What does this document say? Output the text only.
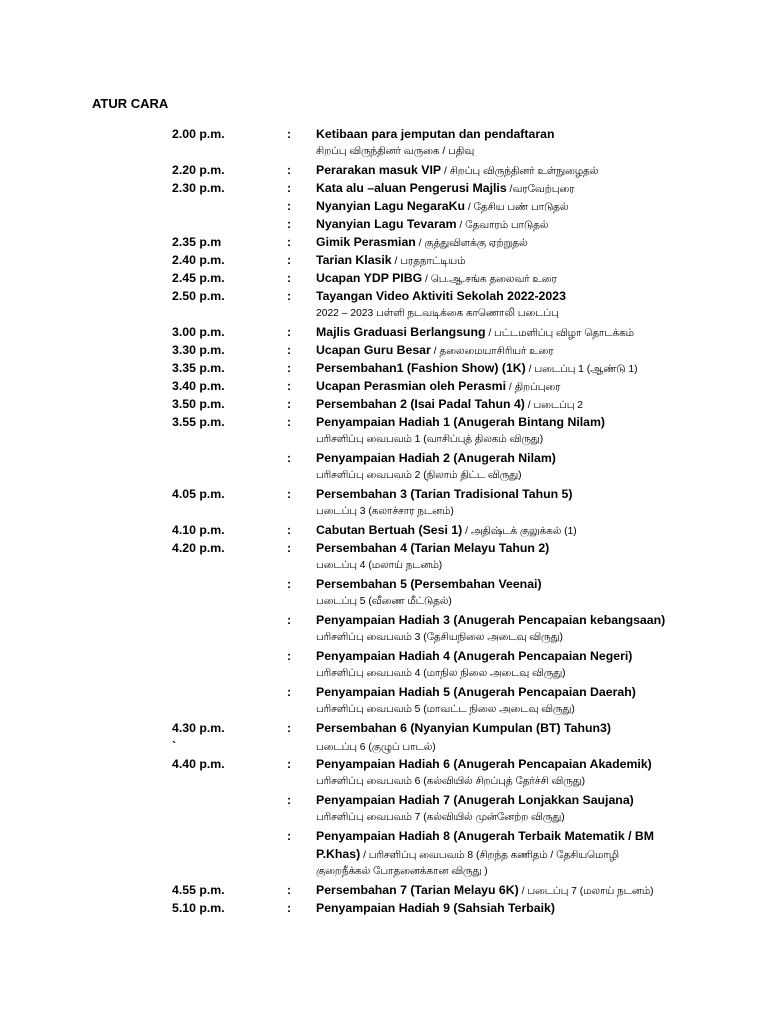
ATUR CARA
2.00 p.m.	: Ketibaan para jemputan dan pendaftaran
சிறப்பு விருந்தினர் வருகை / பதிவு
2.20 p.m.	: Perarakan masuk VIP / சிறப்பு விருந்தினர் உள்நுழைதல்
2.30 p.m.	: Kata alu –aluan Pengerusi Majlis /வரவேற்புரை
: Nyanyian Lagu NegaraKu / தேசிய பண் பாடுதல்
: Nyanyian Lagu Tevaram / தேவாரம் பாடுதல்
2.35 p.m	: Gimik Perasmian / குத்துவிளக்கு ஏற்றுதல்
2.40 p.m.	: Tarian Klasik / பரதநாட்டியம்
2.45 p.m.	: Ucapan YDP PIBG / பெ.ஆ.சங்க தலைவர் உரை
2.50 p.m.	: Tayangan Video Aktiviti Sekolah 2022-2023
2022 – 2023 பள்ளி நடவடிக்கை காணொலி படைப்பு
3.00 p.m.	: Majlis Graduasi Berlangsung / பட்டமளிப்பு விழா தொடக்கம்
3.30 p.m.	: Ucapan Guru Besar / தலைமையாசிரியர் உரை
3.35 p.m.	: Persembahan1 (Fashion Show) (1K) / படைப்பு 1 (ஆண்டு 1)
3.40 p.m.	: Ucapan Perasmian oleh Perasmi / திறப்புரை
3.50 p.m.	: Persembahan 2 (Isai Padal Tahun 4) / படைப்பு 2
3.55 p.m.	: Penyampaian Hadiah 1 (Anugerah Bintang Nilam)
பரிசளிப்பு வைபவம் 1 (வாசிப்புத் திலகம் விருது)
: Penyampaian Hadiah 2 (Anugerah Nilam)
பரிசளிப்பு வைபவம் 2 (நிலாம் திட்ட விருது)
4.05 p.m.	: Persembahan 3 (Tarian Tradisional Tahun 5)
படைப்பு 3 (கலாச்சார நடனம்)
4.10 p.m.	: Cabutan Bertuah (Sesi 1) / அதிஷ்டக் குலுக்கல் (1)
4.20 p.m.	: Persembahan 4 (Tarian Melayu Tahun 2)
படைப்பு 4 (மலாய் நடனம்)
: Persembahan 5 (Persembahan Veenai)
படைப்பு 5 (வீணை மீட்டுதல்)
: Penyampaian Hadiah 3 (Anugerah Pencapaian kebangsaan)
பரிசளிப்பு வைபவம் 3 (தேசியநிலை அடைவு விருது)
: Penyampaian Hadiah 4 (Anugerah Pencapaian Negeri)
பரிசளிப்பு வைபவம் 4 (மாநில நிலை அடைவு விருது)
: Penyampaian Hadiah 5 (Anugerah Pencapaian Daerah)
பரிசளிப்பு வைபவம் 5 (மாவட்ட நிலை அடைவு விருது)
4.30 p.m.	: Persembahan 6 (Nyanyian Kumpulan (BT) Tahun3)
`	படைப்பு 6 (குழுப் பாடல்)
4.40 p.m.	: Penyampaian Hadiah 6 (Anugerah Pencapaian Akademik)
பரிசளிப்பு வைபவம் 6 (கல்வியில் சிறப்புத் தேர்ச்சி விருது)
: Penyampaian Hadiah 7 (Anugerah Lonjakkan Saujana)
பரிசளிப்பு வைபவம் 7 (கல்வியில் முன்னேற்ற விருது)
: Penyampaian Hadiah 8 (Anugerah Terbaik Matematik / BM
P.Khas) / பரிசளிப்பு வைபவம் 8 (சிறந்த கணிதம் / தேசியமொழி
குறைநீக்கல் போதனைக்கான விருது )
4.55 p.m.	: Persembahan 7 (Tarian Melayu 6K) / படைப்பு 7 (மலாய் நடனம்)
5.10 p.m.	: Penyampaian Hadiah 9 (Sahsiah Terbaik)
